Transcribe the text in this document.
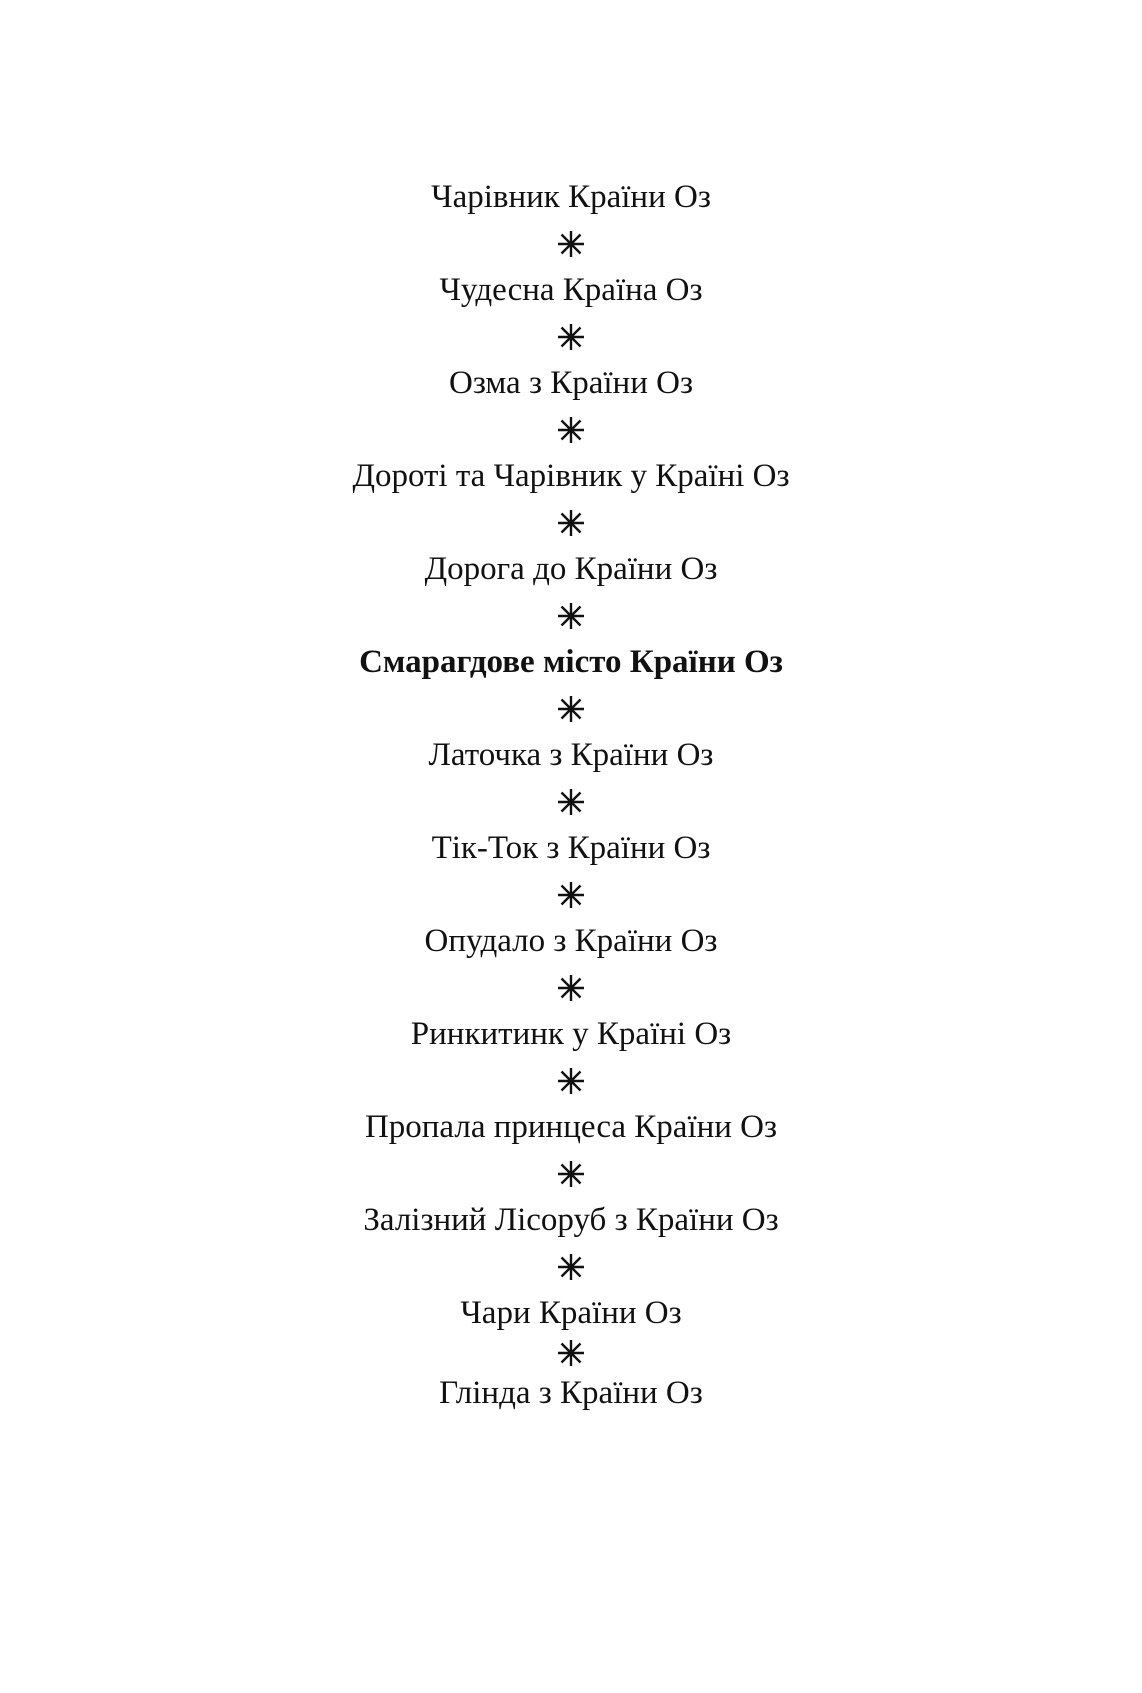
Чарівник Країни Оз
Чудесна Країна Оз
Озма з Країни Оз
Дороті та Чарівник у Країні Оз
Дорога до Країни Оз
Смарагдове місто Країни Оз
Латочка з Країни Оз
Тік-Ток з Країни Оз
Опудало з Країни Оз
Ринкитинк у Країні Оз
Пропала принцеса Країни Оз
Залізний Лісоруб з Країни Оз
Чари Країни Оз
Глінда з Країни Оз
